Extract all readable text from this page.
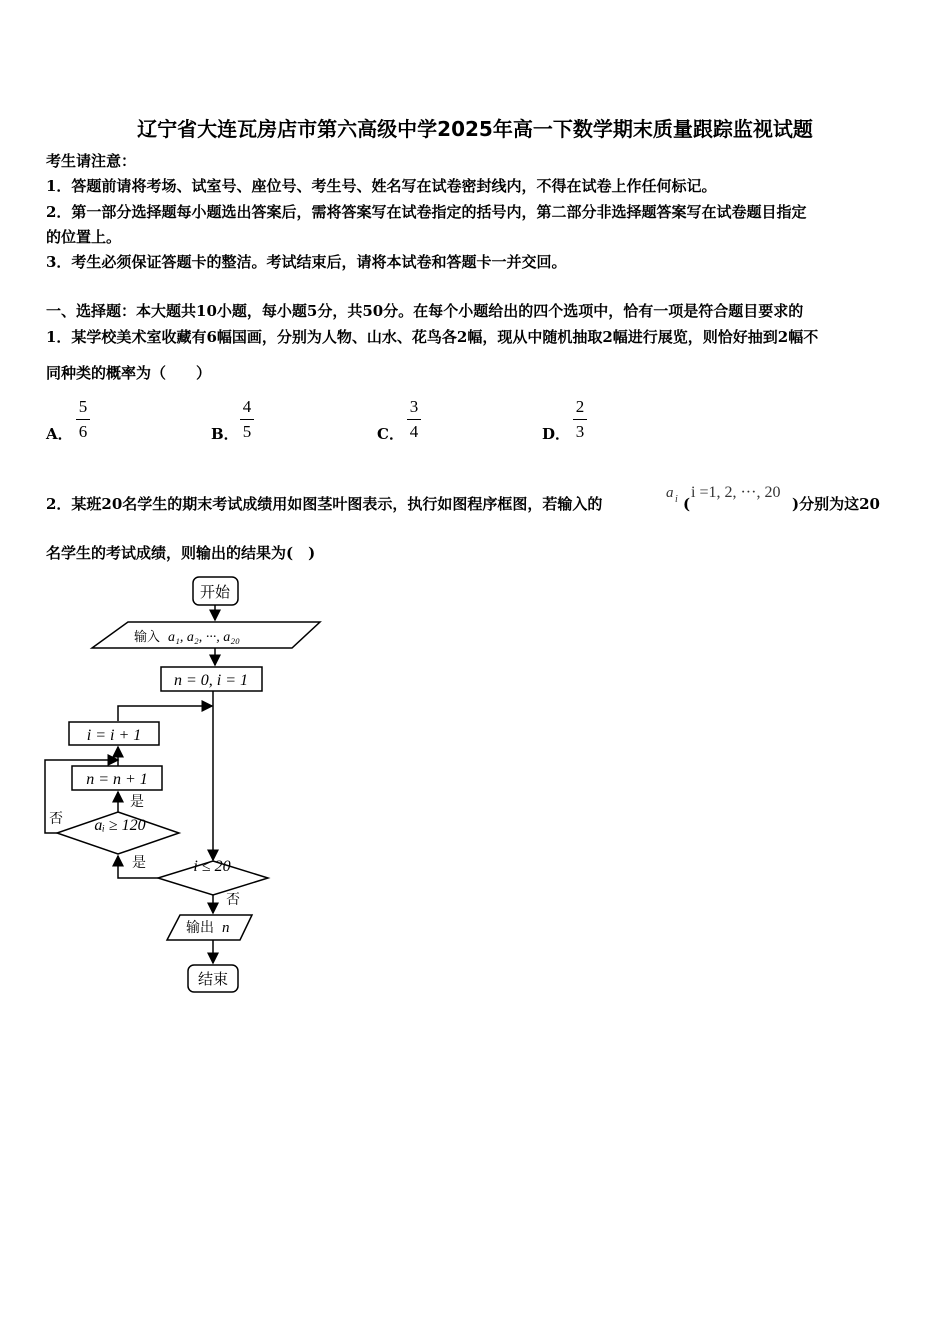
辽宁省大连瓦房店市第六高级中学2025年高一下数学期末质量跟踪监视试题
考生请注意：
1．答题前请将考场、试室号、座位号、考生号、姓名写在试卷密封线内，不得在试卷上作任何标记。
2．第一部分选择题每小题选出答案后，需将答案写在试卷指定的括号内，第二部分非选择题答案写在试卷题目指定
的位置上。
3．考生必须保证答题卡的整洁。考试结束后，请将本试卷和答题卡一并交回。
一、选择题：本大题共10小题，每小题5分，共50分。在每个小题给出的四个选项中，恰有一项是符合题目要求的
1．某学校美术室收藏有6幅国画，分别为人物、山水、花鸟各2幅，现从中随机抽取2幅进行展览，则恰好抽到2幅不
同种类的概率为（　　）
A．
5
6	B．
4
5	C．
3
4	D．
2
3
2．某班20名学生的期末考试成绩用如图茎叶图表示，执行如图程序框图，若输入的
a i (
i =1, 2, ···, 20
)分别为这20
名学生的考试成绩，则输出的结果为(　)
开始
输入 a₁, a₂, ···, a₂₀
n = 0, i = 1
i = i + 1
n = n + 1
是
否 aᵢ ≥ 120
是	i ≤ 20
否
输出 n
结束
